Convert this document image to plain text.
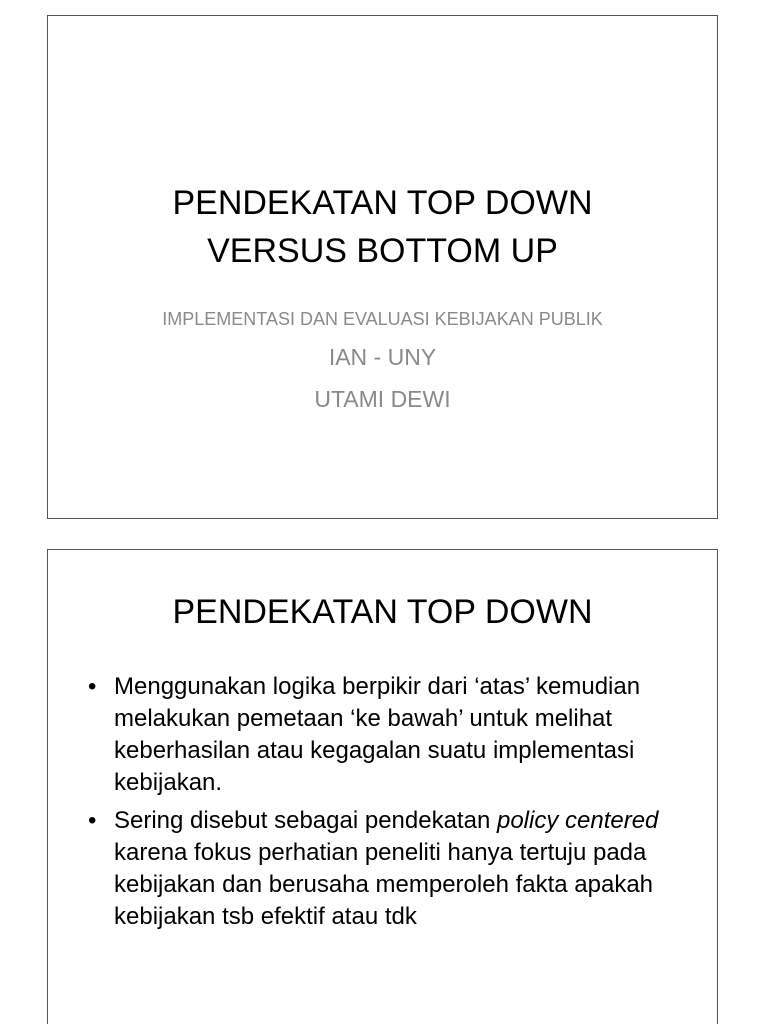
PENDEKATAN TOP DOWN
VERSUS BOTTOM UP

IMPLEMENTASI DAN EVALUASI KEBIJAKAN PUBLIK

IAN - UNY

UTAMI DEWI

PENDEKATAN TOP DOWN
• Menggunakan logika berpikir dari ‘atas’ kemudian melakukan pemetaan ‘ke bawah’ untuk melihat keberhasilan atau kegagalan suatu implementasi kebijakan.
• Sering disebut sebagai pendekatan policy centered karena fokus perhatian peneliti hanya tertuju pada kebijakan dan berusaha memperoleh fakta apakah kebijakan tsb efektif atau tdk
